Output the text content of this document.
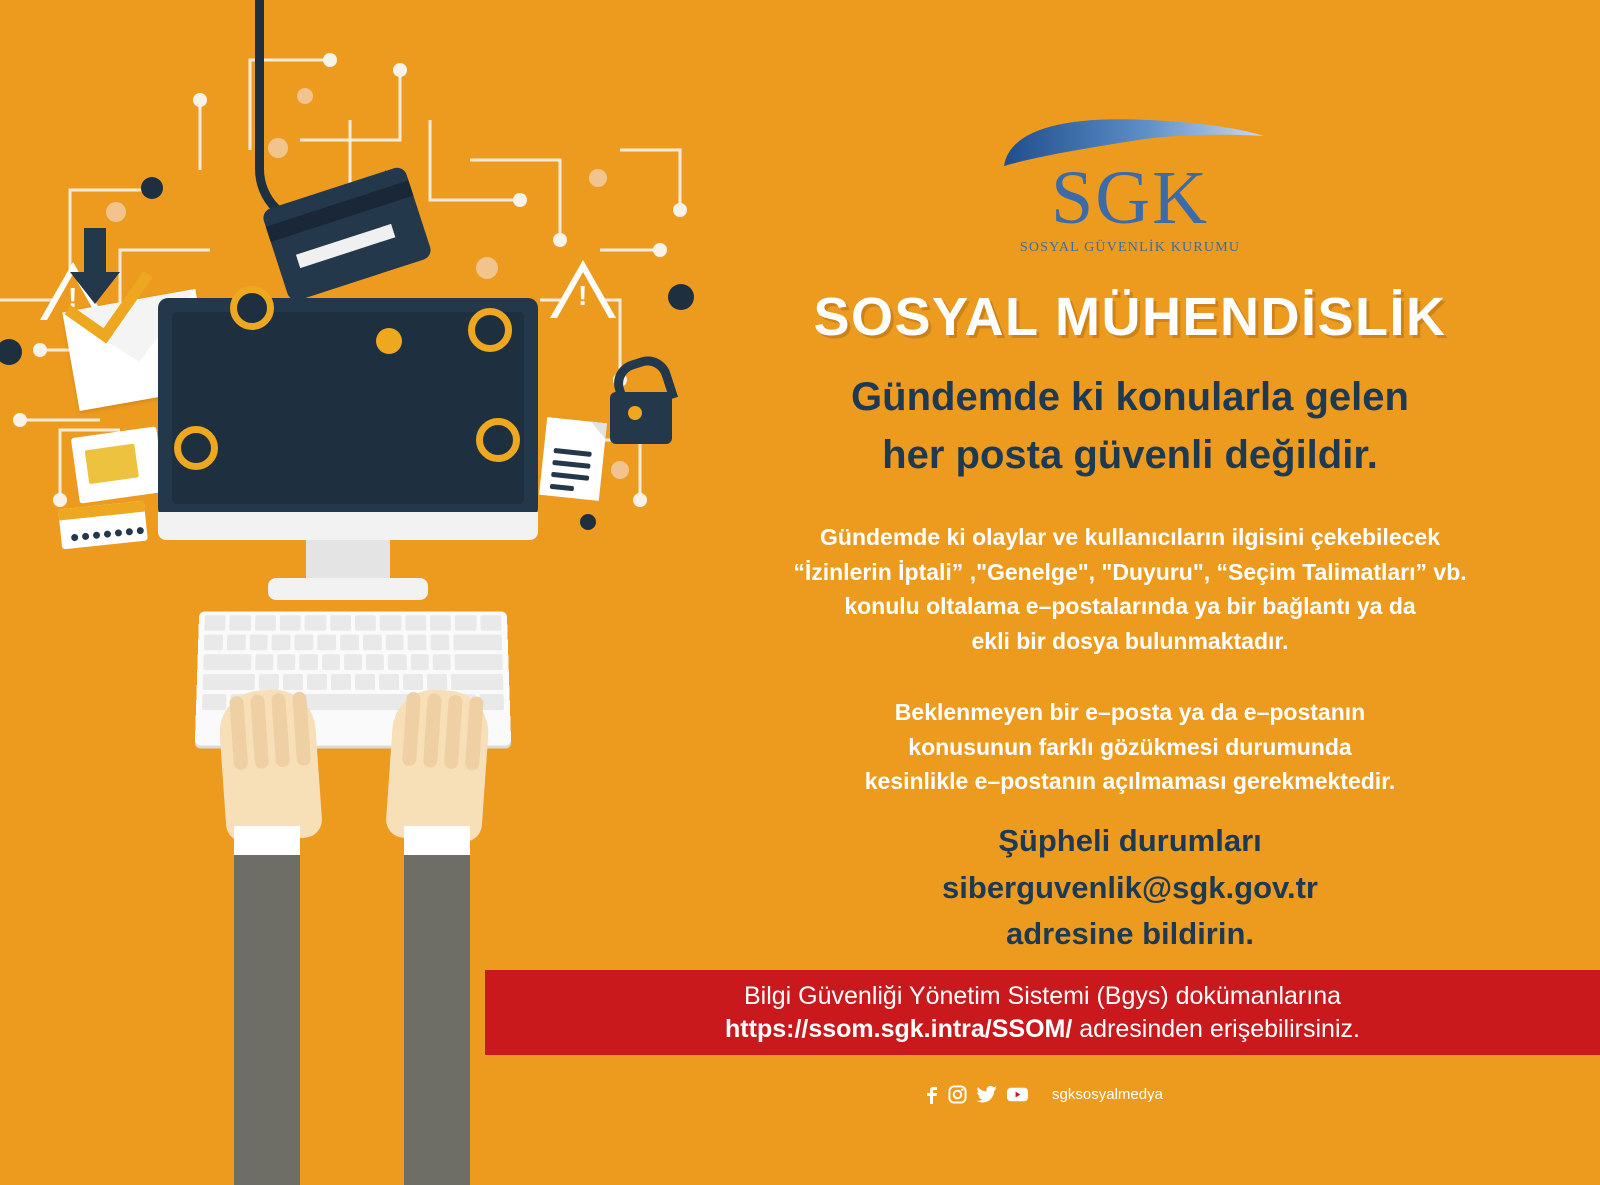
!	!
SGK
SOSYAL GÜVENLİK KURUMU
SOSYAL MÜHENDİSLİK
Gündemde ki konularla gelen
her posta güvenli değildir.
Gündemde ki olaylar ve kullanıcıların ilgisini çekebilecek
“İzinlerin İptali” ,"Genelge", "Duyuru", “Seçim Talimatları” vb.
konulu oltalama e–postalarında ya bir bağlantı ya da
ekli bir dosya bulunmaktadır.
Beklenmeyen bir e–posta ya da e–postanın
konusunun farklı gözükmesi durumunda
kesinlikle e–postanın açılmaması gerekmektedir.
Şüpheli durumları
siberguvenlik@sgk.gov.tr
adresine bildirin.
Bilgi Güvenliği Yönetim Sistemi (Bgys) dokümanlarına
https://ssom.sgk.intra/SSOM/ adresinden erişebilirsiniz.
sgksosyalmedya
